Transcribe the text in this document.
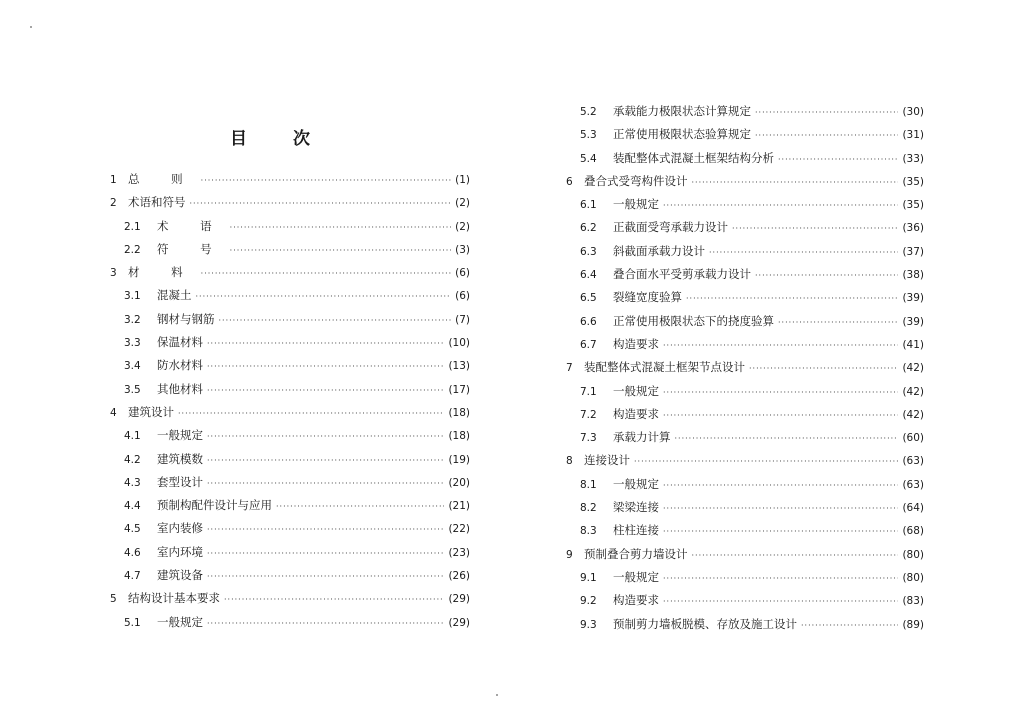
目 次
1 总 则 ·····	(1)
2 术语和符号 ·····	(2)
2.1	术 语 ·····	(2)
2.2	符 号 ·····	(3)
3 材 料 ·····	(6)
3.1	混凝土 ·····	(6)
3.2	钢材与钢筋 ·····	(7)
3.3	保温材料 ·····	(10)
3.4	防水材料 ·····	(13)
3.5	其他材料 ·····	(17)
4 建筑设计 ·····	(18)
4.1	一般规定 ·····	(18)
4.2	建筑模数 ·····	(19)
4.3	套型设计 ·····	(20)
4.4	预制构配件设计与应用 ·····	(21)
4.5	室内装修 ·····	(22)
4.6	室内环境 ·····	(23)
4.7	建筑设备 ·····	(26)
5 结构设计基本要求 ·····	(29)
5.1	一般规定 ·····	(29)
5.2	承载能力极限状态计算规定 ·····	(30)
5.3	正常使用极限状态验算规定 ·····	(31)
5.4	装配整体式混凝土框架结构分析 ·····	(33)
6 叠合式受弯构件设计 ·····	(35)
6.1	一般规定 ·····	(35)
6.2	正截面受弯承载力设计 ·····	(36)
6.3	斜截面承载力设计 ·····	(37)
6.4	叠合面水平受剪承载力设计 ·····	(38)
6.5	裂缝宽度验算 ·····	(39)
6.6	正常使用极限状态下的挠度验算 ·····	(39)
6.7	构造要求 ·····	(41)
7 装配整体式混凝土框架节点设计 ·····	(42)
7.1	一般规定 ·····	(42)
7.2	构造要求 ·····	(42)
7.3	承载力计算 ·····	(60)
8 连接设计 ·····	(63)
8.1	一般规定 ·····	(63)
8.2	梁梁连接 ·····	(64)
8.3	柱柱连接 ·····	(68)
9 预制叠合剪力墙设计 ·····	(80)
9.1	一般规定 ·····	(80)
9.2	构造要求 ·····	(83)
9.3	预制剪力墙板脱模、存放及施工设计 ·····	(89)
